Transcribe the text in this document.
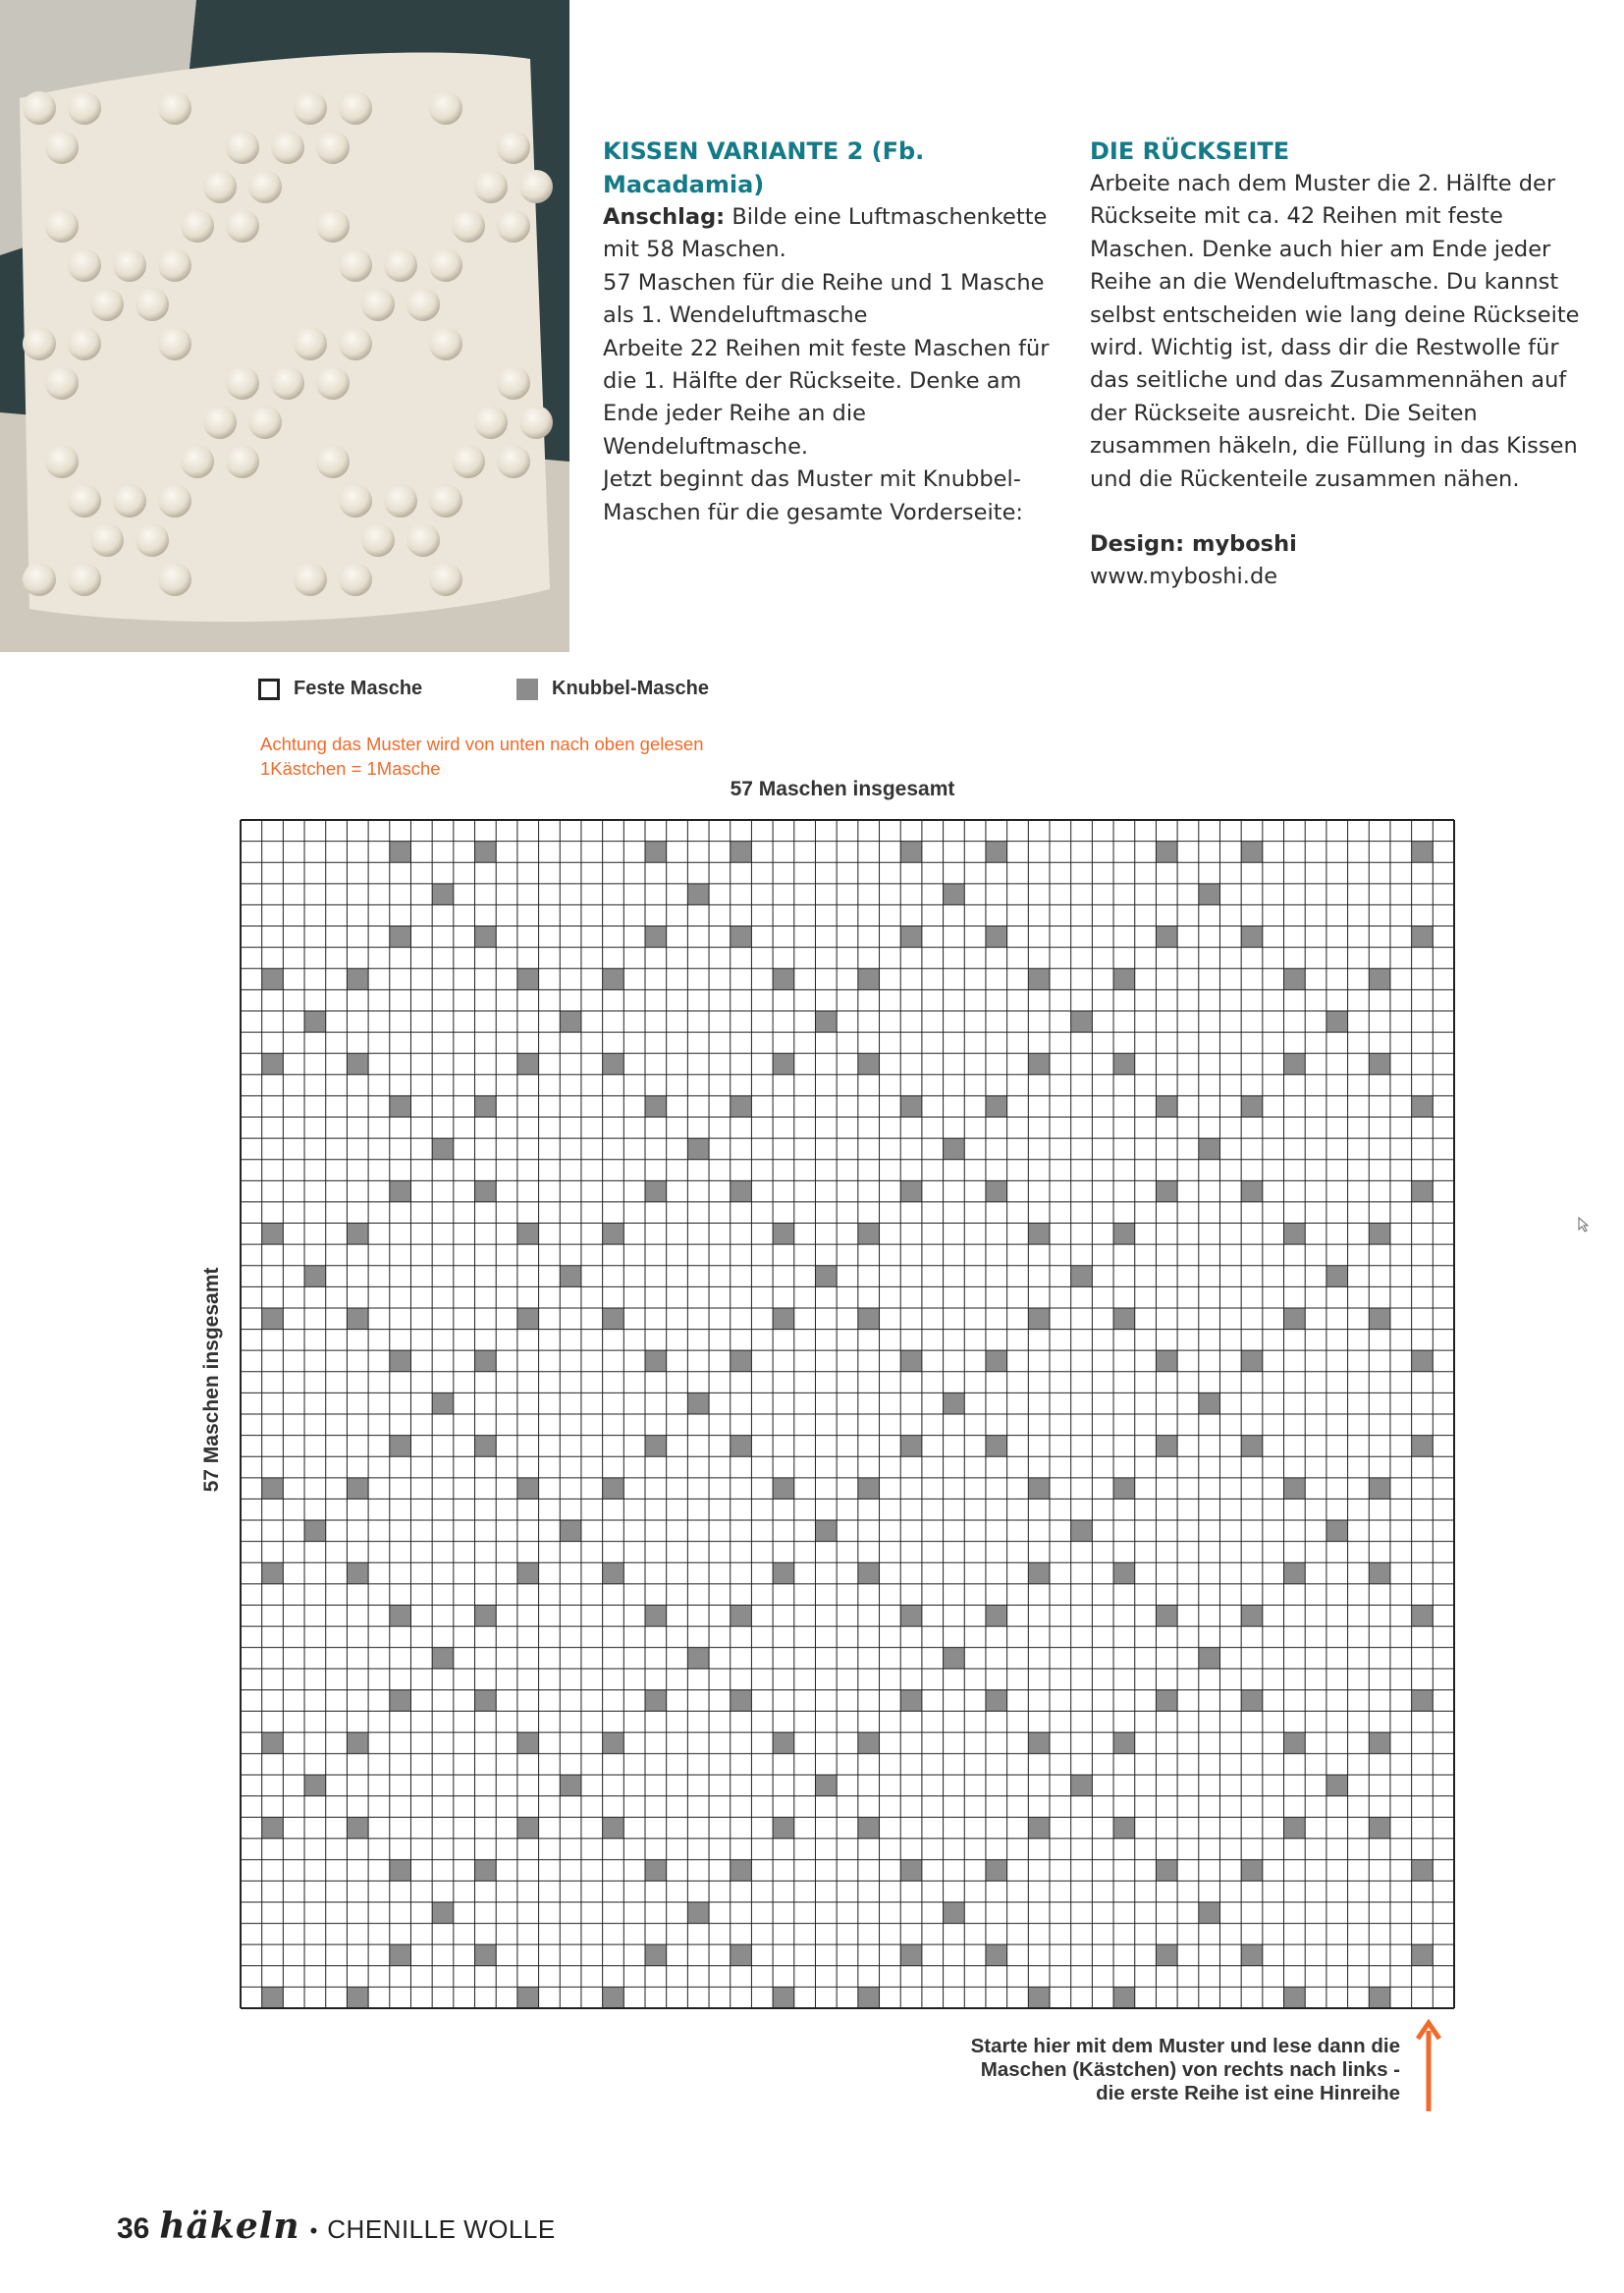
KISSEN VARIANTE 2 (Fb. Macadamia)

Anschlag: Bilde eine Luftmaschenkette mit 58 Maschen.

57 Maschen für die Reihe und 1 Masche als 1. Wendeluftmasche

Arbeite 22 Reihen mit feste Maschen für die 1. Hälfte der Rückseite. Denke am Ende jeder Reihe an die Wendeluftmasche.

Jetzt beginnt das Muster mit Knubbel-Maschen für die gesamte Vorderseite:

DIE RÜCKSEITE

Arbeite nach dem Muster die 2. Hälfte der Rückseite mit ca. 42 Reihen mit feste Maschen. Denke auch hier am Ende jeder Reihe an die Wendeluftmasche. Du kannst selbst entscheiden wie lang deine Rückseite wird. Wichtig ist, dass dir die Restwolle für das seitliche und das Zusammennähen auf der Rückseite ausreicht. Die Seiten zusammen häkeln, die Füllung in das Kissen und die Rückenteile zusammen nähen.

Design: myboshi

www.myboshi.de

Feste Masche	Knubbel-Masche
Achtung das Muster wird von unten nach oben gelesen
1Kästchen = 1Masche
57 Maschen insgesamt
57 Maschen insgesamt
Starte hier mit dem Muster und lese dann die
Maschen (Kästchen) von rechts nach links -
die erste Reihe ist eine Hinreihe
36 häkeln • CHENILLE WOLLE
